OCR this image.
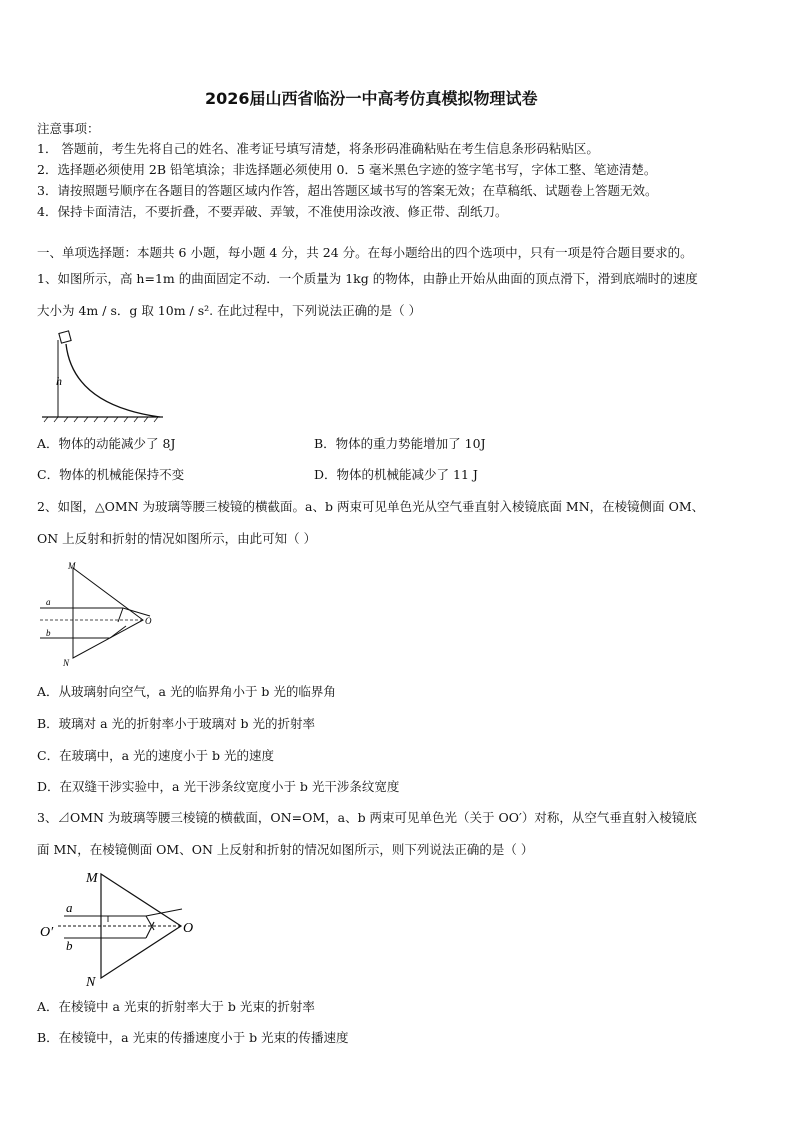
2026届山西省临汾一中高考仿真模拟物理试卷
注意事项：
1． 答题前，考生先将自己的姓名、准考证号填写清楚，将条形码准确粘贴在考生信息条形码粘贴区。
2．选择题必须使用 2B 铅笔填涂；非选择题必须使用 0．5 毫米黑色字迹的签字笔书写，字体工整、笔迹清楚。
3．请按照题号顺序在各题目的答题区域内作答，超出答题区域书写的答案无效；在草稿纸、试题卷上答题无效。
4．保持卡面清洁，不要折叠，不要弄破、弄皱，不准使用涂改液、修正带、刮纸刀。
一、单项选择题：本题共 6 小题，每小题 4 分，共 24 分。在每小题给出的四个选项中，只有一项是符合题目要求的。
1、如图所示，高 h=1m 的曲面固定不动．一个质量为 1kg 的物体，由静止开始从曲面的顶点滑下，滑到底端时的速度
大小为 4m / s．g 取 10m / s². 在此过程中，下列说法正确的是（ ）
h
A．物体的动能减少了 8J	B．物体的重力势能增加了 10J
C．物体的机械能保持不变	D．物体的机械能减少了 11 J
2、如图，△OMN 为玻璃等腰三棱镜的横截面。a、b 两束可见单色光从空气垂直射入棱镜底面 MN，在棱镜侧面 OM、
ON 上反射和折射的情况如图所示，由此可知（ ）
M
N
O
a
b
A．从玻璃射向空气，a 光的临界角小于 b 光的临界角
B．玻璃对 a 光的折射率小于玻璃对 b 光的折射率
C．在玻璃中，a 光的速度小于 b 光的速度
D．在双缝干涉实验中，a 光干涉条纹宽度小于 b 光干涉条纹宽度
3、⊿OMN 为玻璃等腰三棱镜的横截面，ON=OM，a、b 两束可见单色光（关于 OO′）对称，从空气垂直射入棱镜底
面 MN，在棱镜侧面 OM、ON 上反射和折射的情况如图所示，则下列说法正确的是（ ）
M
N
O
O′
a
b
A．在棱镜中 a 光束的折射率大于 b 光束的折射率
B．在棱镜中，a 光束的传播速度小于 b 光束的传播速度
